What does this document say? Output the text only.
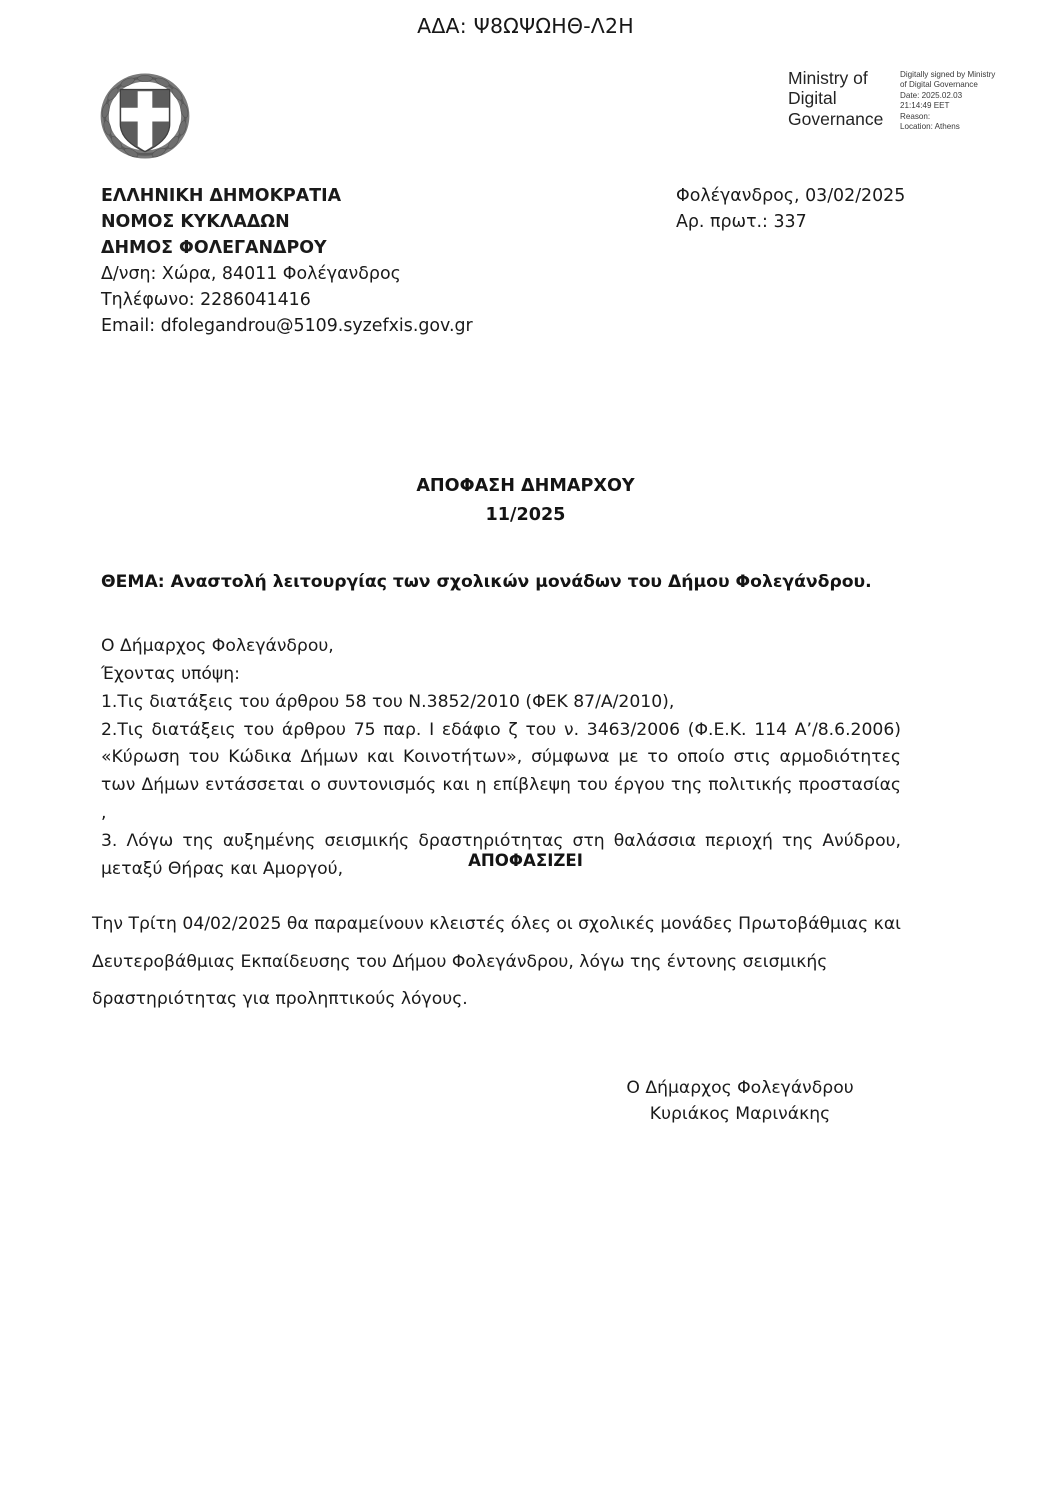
ΑΔΑ: Ψ8ΩΨΩΗΘ-Λ2Η
Ministry of
Digital
Governance
Digitally signed by Ministry
of Digital Governance
Date: 2025.02.03
21:14:49 EET
Reason:
Location: Athens
ΕΛΛΗΝΙΚΗ ΔΗΜΟΚΡΑΤΙΑ
ΝΟΜΟΣ ΚΥΚΛΑΔΩΝ
ΔΗΜΟΣ ΦΟΛΕΓΑΝΔΡΟΥ
Δ/νση: Χώρα, 84011 Φολέγανδρος
Τηλέφωνο: 2286041416
Email: dfolegandrou@5109.syzefxis.gov.gr
Φολέγανδρος, 03/02/2025
Αρ. πρωτ.: 337
ΑΠΟΦΑΣΗ ΔΗΜΑΡΧΟΥ
11/2025
ΘΕΜΑ: Αναστολή λειτουργίας των σχολικών μονάδων του Δήμου Φολεγάνδρου.
Ο Δήμαρχος Φολεγάνδρου,
Έχοντας υπόψη:
1.Τις διατάξεις του άρθρου 58 του Ν.3852/2010 (ΦΕΚ 87/Α/2010),
2.Τις διατάξεις του άρθρου 75 παρ. Ι εδάφιο ζ του ν. 3463/2006 (Φ.Ε.Κ. 114 Α’/8.6.2006) «Κύρωση του Κώδικα Δήμων και Κοινοτήτων», σύμφωνα με το οποίο στις αρμοδιότητες των Δήμων εντάσσεται ο συντονισμός και η επίβλεψη του έργου της πολιτικής προστασίας ,
3. Λόγω της αυξημένης σεισμικής δραστηριότητας στη θαλάσσια περιοχή της Ανύδρου, μεταξύ Θήρας και Αμοργού,	ΑΠΟΦΑΣΙΖΕΙ
Την Τρίτη 04/02/2025 θα παραμείνουν κλειστές όλες οι σχολικές μονάδες Πρωτοβάθμιας και Δευτεροβάθμιας Εκπαίδευσης του Δήμου Φολεγάνδρου, λόγω της έντονης σεισμικής δραστηριότητας για προληπτικούς λόγους.
Ο Δήμαρχος Φολεγάνδρου
Κυριάκος Μαρινάκης
